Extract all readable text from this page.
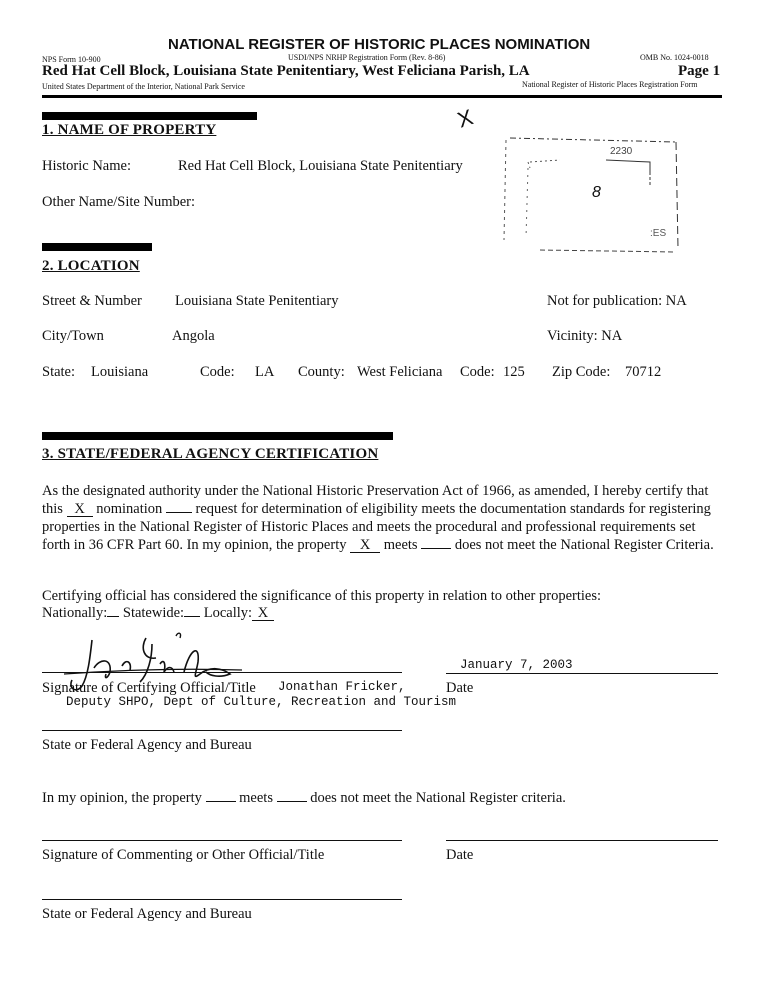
NATIONAL REGISTER OF HISTORIC PLACES NOMINATION
NPS Form 10-900	USDI/NPS NRHP Registration Form (Rev. 8-86)	OMB No. 1024-0018
Red Hat Cell Block, Louisiana State Penitentiary, West Feliciana Parish, LA	Page 1
United States Department of the Interior, National Park Service	National Register of Historic Places Registration Form
1. NAME OF PROPERTY
Historic Name:	Red Hat Cell Block, Louisiana State Penitentiary
Other Name/Site Number:
X
2230
8
:ES
2. LOCATION
Street & Number Louisiana State Penitentiary	Not for publication: NA
City/Town	Angola	Vicinity: NA
State: Louisiana	Code: LA County: West Feliciana Code: 125 Zip Code: 70712
3. STATE/FEDERAL AGENCY CERTIFICATION
As the designated authority under the National Historic Preservation Act of 1966, as amended, I hereby certify that this X nomination request for determination of eligibility meets the documentation standards for registering properties in the National Register of Historic Places and meets the procedural and professional requirements set forth in 36 CFR Part 60. In my opinion, the property X meets	does not meet the National Register Criteria.
Certifying official has considered the significance of this property in relation to other properties:
Nationally: Statewide: Locally: X
January 7, 2003
Signature of Certifying Official/Title Jonathan Fricker,	Date
Deputy SHPO, Dept of Culture, Recreation and Tourism
State or Federal Agency and Bureau
In my opinion, the property	meets	does not meet the National Register criteria.
Signature of Commenting or Other Official/Title	Date
State or Federal Agency and Bureau
